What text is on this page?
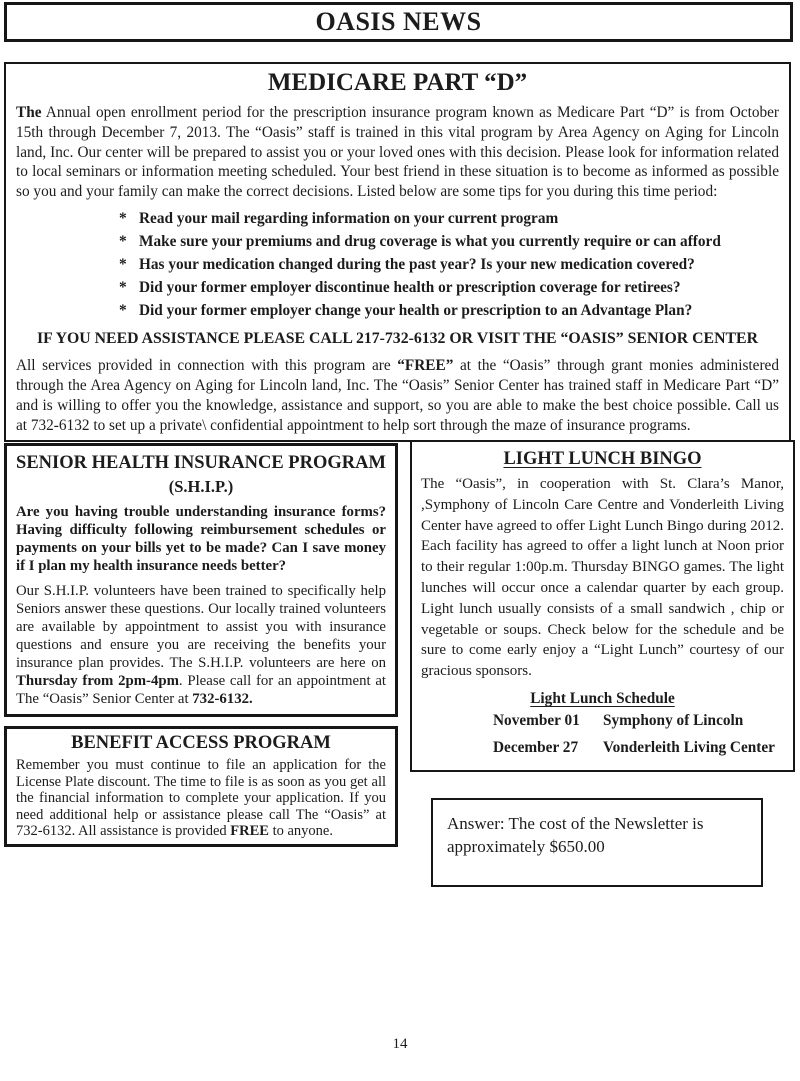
OASIS NEWS
MEDICARE PART “D”

The Annual open enrollment period for the prescription insurance program known as Medicare Part “D” is from October 15th through December 7, 2013. The “Oasis” staff is trained in this vital program by Area Agency on Aging for Lincoln land, Inc. Our center will be prepared to assist you or your loved ones with this decision. Please look for information related to local seminars or information meeting scheduled. Your best friend in these situation is to become as informed as possible so you and your family can make the correct decisions. Listed below are some tips for you during this time period:

* Read your mail regarding information on your current program
* Make sure your premiums and drug coverage is what you currently require or can afford
* Has your medication changed during the past year? Is your new medication covered?
* Did your former employer discontinue health or prescription coverage for retirees?
* Did your former employer change your health or prescription to an Advantage Plan?
IF YOU NEED ASSISTANCE PLEASE CALL 217-732-6132 OR VISIT THE “OASIS” SENIOR CENTER

All services provided in connection with this program are “FREE” at the “Oasis” through grant monies administered through the Area Agency on Aging for Lincoln land, Inc. The “Oasis” Senior Center has trained staff in Medicare Part “D” and is willing to offer you the knowledge, assistance and support, so you are able to make the best choice possible. Call us at 732-6132 to set up a private\ confidential appointment to help sort through the maze of insurance programs.

SENIOR HEALTH INSURANCE PROGRAM
(S.H.I.P.)

Are you having trouble understanding insurance forms? Having difficulty following reimbursement schedules or payments on your bills yet to be made? Can I save money if I plan my health insurance needs better?

Our S.H.I.P. volunteers have been trained to specifically help Seniors answer these questions. Our locally trained volunteers are available by appointment to assist you with insurance questions and ensure you are receiving the benefits your insurance plan provides. The S.H.I.P. volunteers are here on Thursday from 2pm-4pm. Please call for an appointment at The “Oasis” Senior Center at 732-6132.

BENEFIT ACCESS PROGRAM

Remember you must continue to file an application for the License Plate discount. The time to file is as soon as you get all the financial information to complete your application. If you need additional help or assistance please call The “Oasis” at 732-6132. All assistance is provided FREE to anyone.

LIGHT LUNCH BINGO

The “Oasis”, in cooperation with St. Clara’s Manor, ,Symphony of Lincoln Care Centre and Vonderleith Living Center have agreed to offer Light Lunch Bingo during 2012. Each facility has agreed to offer a light lunch at Noon prior to their regular 1:00p.m. Thursday BINGO games. The light lunches will occur once a calendar quarter by each group. Light lunch usually consists of a small sandwich , chip or vegetable or soups. Check below for the schedule and be sure to come early enjoy a “Light Lunch” courtesy of our gracious sponsors.

Light Lunch Schedule
November 01	Symphony of Lincoln
December 27	Vonderleith Living Center
Answer: The cost of the Newsletter is approximately $650.00
14
